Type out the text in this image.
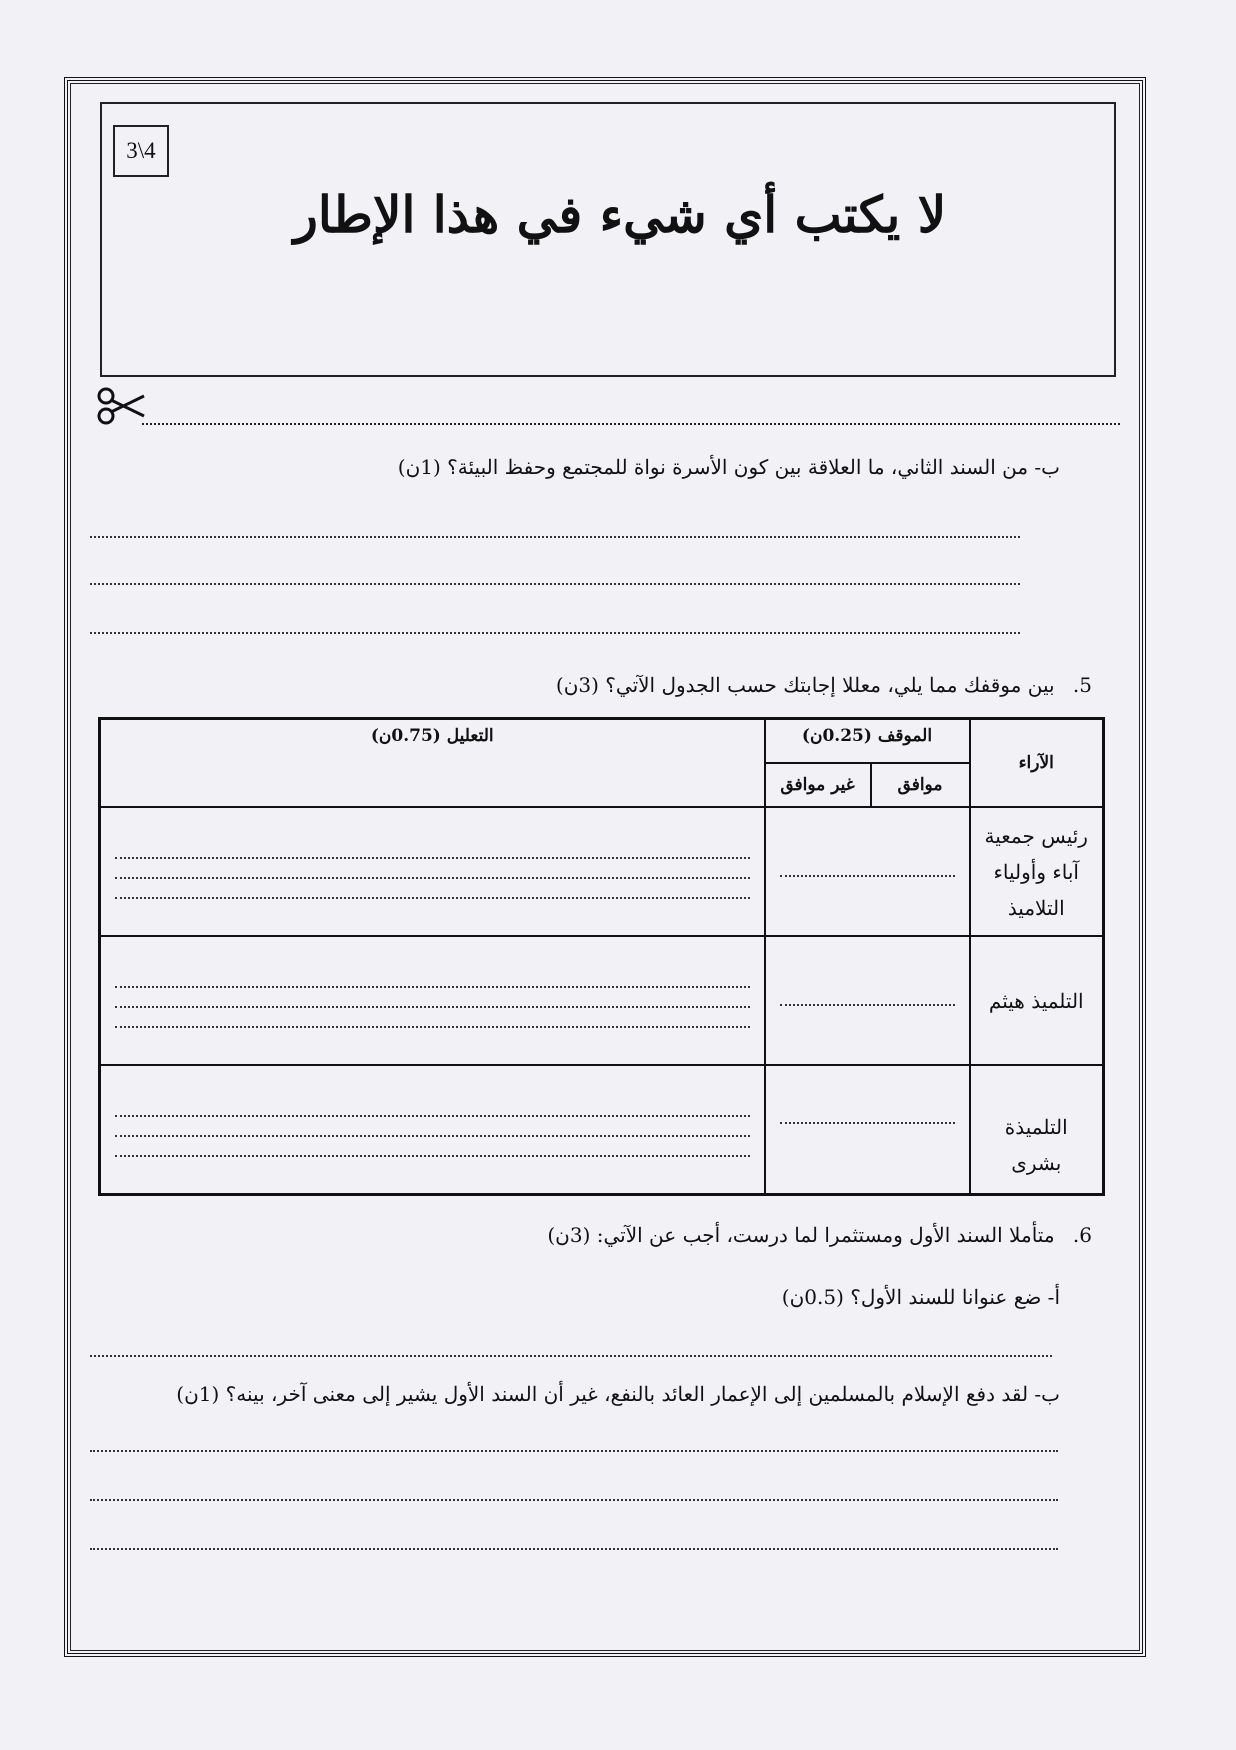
3\4
لا يكتب أي شيء في هذا الإطار
ب- من السند الثاني، ما العلاقة بين كون الأسرة نواة للمجتمع وحفظ البيئة؟ (1ن)
5. بين موقفك مما يلي، معللا إجابتك حسب الجدول الآتي؟ (3ن)
الآراء	الموقف (0.25ن)		التعليل (0.75ن)
	موافق	غير موافق	

رئيس جمعية
آباء وأولياء
التلاميذ			

التلميذ هيثم			

التلميذة
بشرى			

6. متأملا السند الأول ومستثمرا لما درست، أجب عن الآتي: (3ن)
أ- ضع عنوانا للسند الأول؟ (0.5ن)
ب- لقد دفع الإسلام بالمسلمين إلى الإعمار العائد بالنفع، غير أن السند الأول يشير إلى معنى آخر، بينه؟ (1ن)
